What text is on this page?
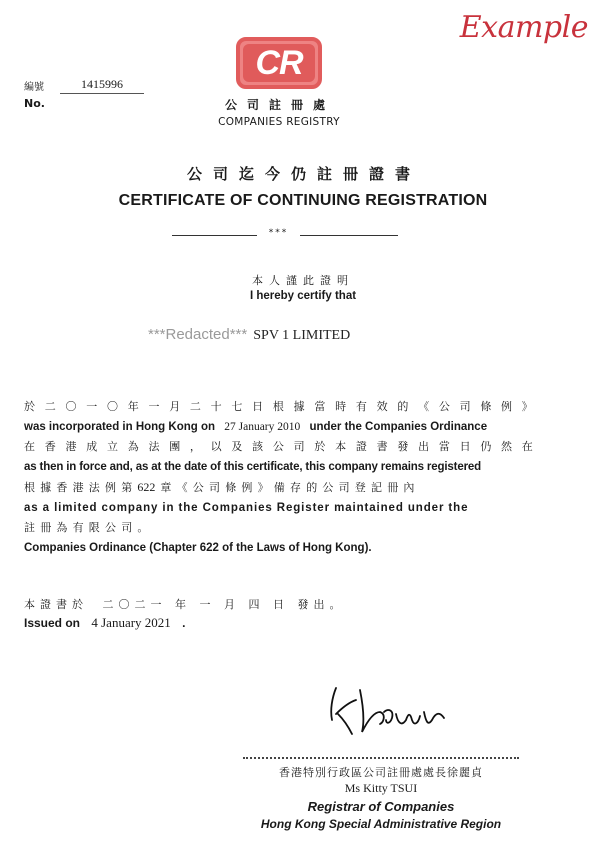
Example
編號
No.
1415996
CR
公司註冊處
COMPANIES REGISTRY
公司迄今仍註冊證書
CERTIFICATE OF CONTINUING REGISTRATION
***
本人謹此證明
I hereby certify that
***Redacted*** SPV 1 LIMITED
於二〇一〇年一月二十七日根據當時有效的《公司條例》
was incorporated in Hong Kong on 27 January 2010 under the Companies Ordinance
在香港成立為法團，以及該公司於本證書發出當日仍然在
as then in force and, as at the date of this certificate, this company remains registered
根據香港法例第622 章《公司條例》備存的公司登記冊內
as a limited company in the Companies Register maintained under the
註冊為有限公司。
Companies Ordinance (Chapter 622 of the Laws of Hong Kong).
本證書於 二〇二一 年 一 月 四 日 發出。
Issued on 4 January 2021 .
香港特別行政區公司註冊處處長徐麗貞
Ms Kitty TSUI
Registrar of Companies
Hong Kong Special Administrative Region
